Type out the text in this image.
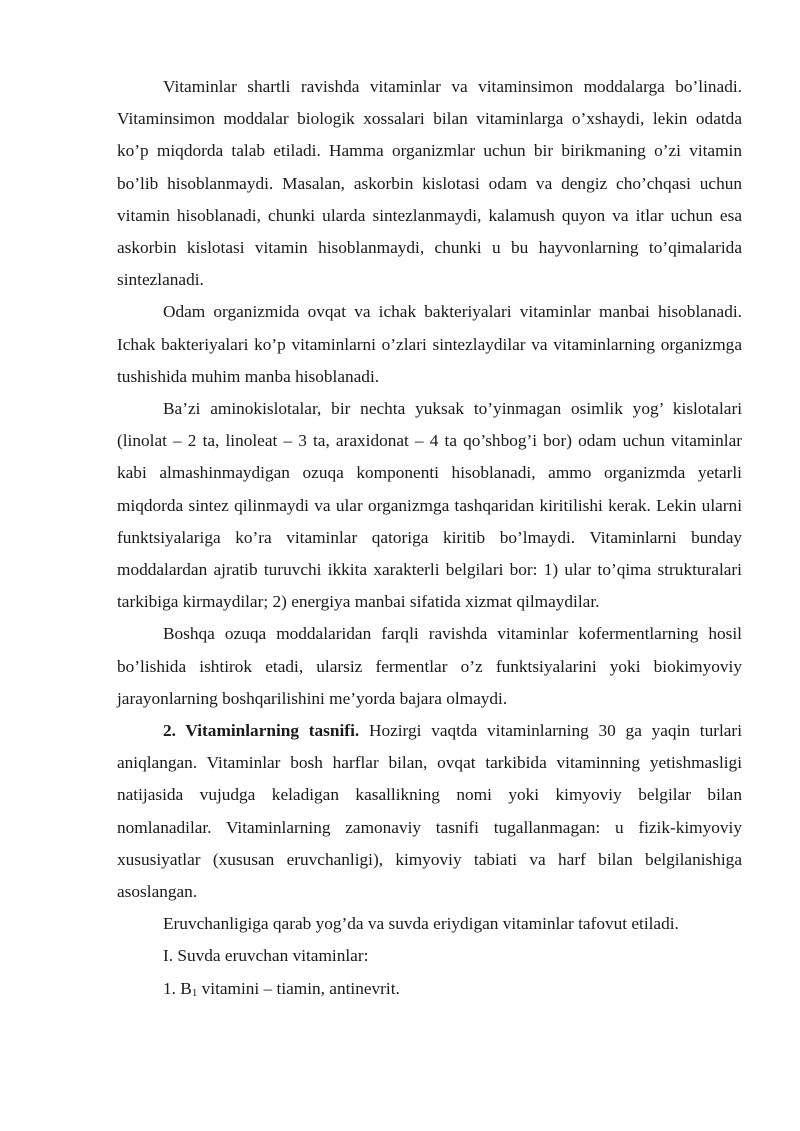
Vitaminlar shartli ravishda vitaminlar va vitaminsimon moddalarga bo’linadi. Vitaminsimon moddalar biologik xossalari bilan vitaminlarga o’xshaydi, lekin odatda ko’p miqdorda talab etiladi. Hamma organizmlar uchun bir birikmaning o’zi vitamin bo’lib hisoblanmaydi. Masalan, askorbin kislotasi odam va dengiz cho’chqasi uchun vitamin hisoblanadi, chunki ularda sintezlanmaydi, kalamush quyon va itlar uchun esa askorbin kislotasi vitamin hisoblanmaydi, chunki u bu hayvonlarning to’qimalarida sintezlanadi.

Odam organizmida ovqat va ichak bakteriyalari vitaminlar manbai hisoblanadi. Ichak bakteriyalari ko’p vitaminlarni o’zlari sintezlaydilar va vitaminlarning organizmga tushishida muhim manba hisoblanadi.

Ba’zi aminokislotalar, bir nechta yuksak to’yinmagan osimlik yog’ kislotalari (linolat – 2 ta, linoleat – 3 ta, araxidonat – 4 ta qo’shbog’i bor) odam uchun vitaminlar kabi almashinmaydigan ozuqa komponenti hisoblanadi, ammo organizmda yetarli miqdorda sintez qilinmaydi va ular organizmga tashqaridan kiritilishi kerak. Lekin ularni funktsiyalariga ko’ra vitaminlar qatoriga kiritib bo’lmaydi. Vitaminlarni bunday moddalardan ajratib turuvchi ikkita xarakterli belgilari bor: 1) ular to’qima strukturalari tarkibiga kirmaydilar; 2) energiya manbai sifatida xizmat qilmaydilar.

Boshqa ozuqa moddalaridan farqli ravishda vitaminlar kofermentlarning hosil bo’lishida ishtirok etadi, ularsiz fermentlar o’z funktsiyalarini yoki biokimyoviy jarayonlarning boshqarilishini me’yorda bajara olmaydi.

2. Vitaminlarning tasnifi. Hozirgi vaqtda vitaminlarning 30 ga yaqin turlari aniqlangan. Vitaminlar bosh harflar bilan, ovqat tarkibida vitaminning yetishmasligi natijasida vujudga keladigan kasallikning nomi yoki kimyoviy belgilar bilan nomlanadilar. Vitaminlarning zamonaviy tasnifi tugallanmagan: u fizik-kimyoviy xususiyatlar (xususan eruvchanligi), kimyoviy tabiati va harf bilan belgilanishiga asoslangan.

Eruvchanligiga qarab yog’da va suvda eriydigan vitaminlar tafovut etiladi.

I. Suvda eruvchan vitaminlar:

1. $B_1$ vitamini – tiamin, antinevrit.
